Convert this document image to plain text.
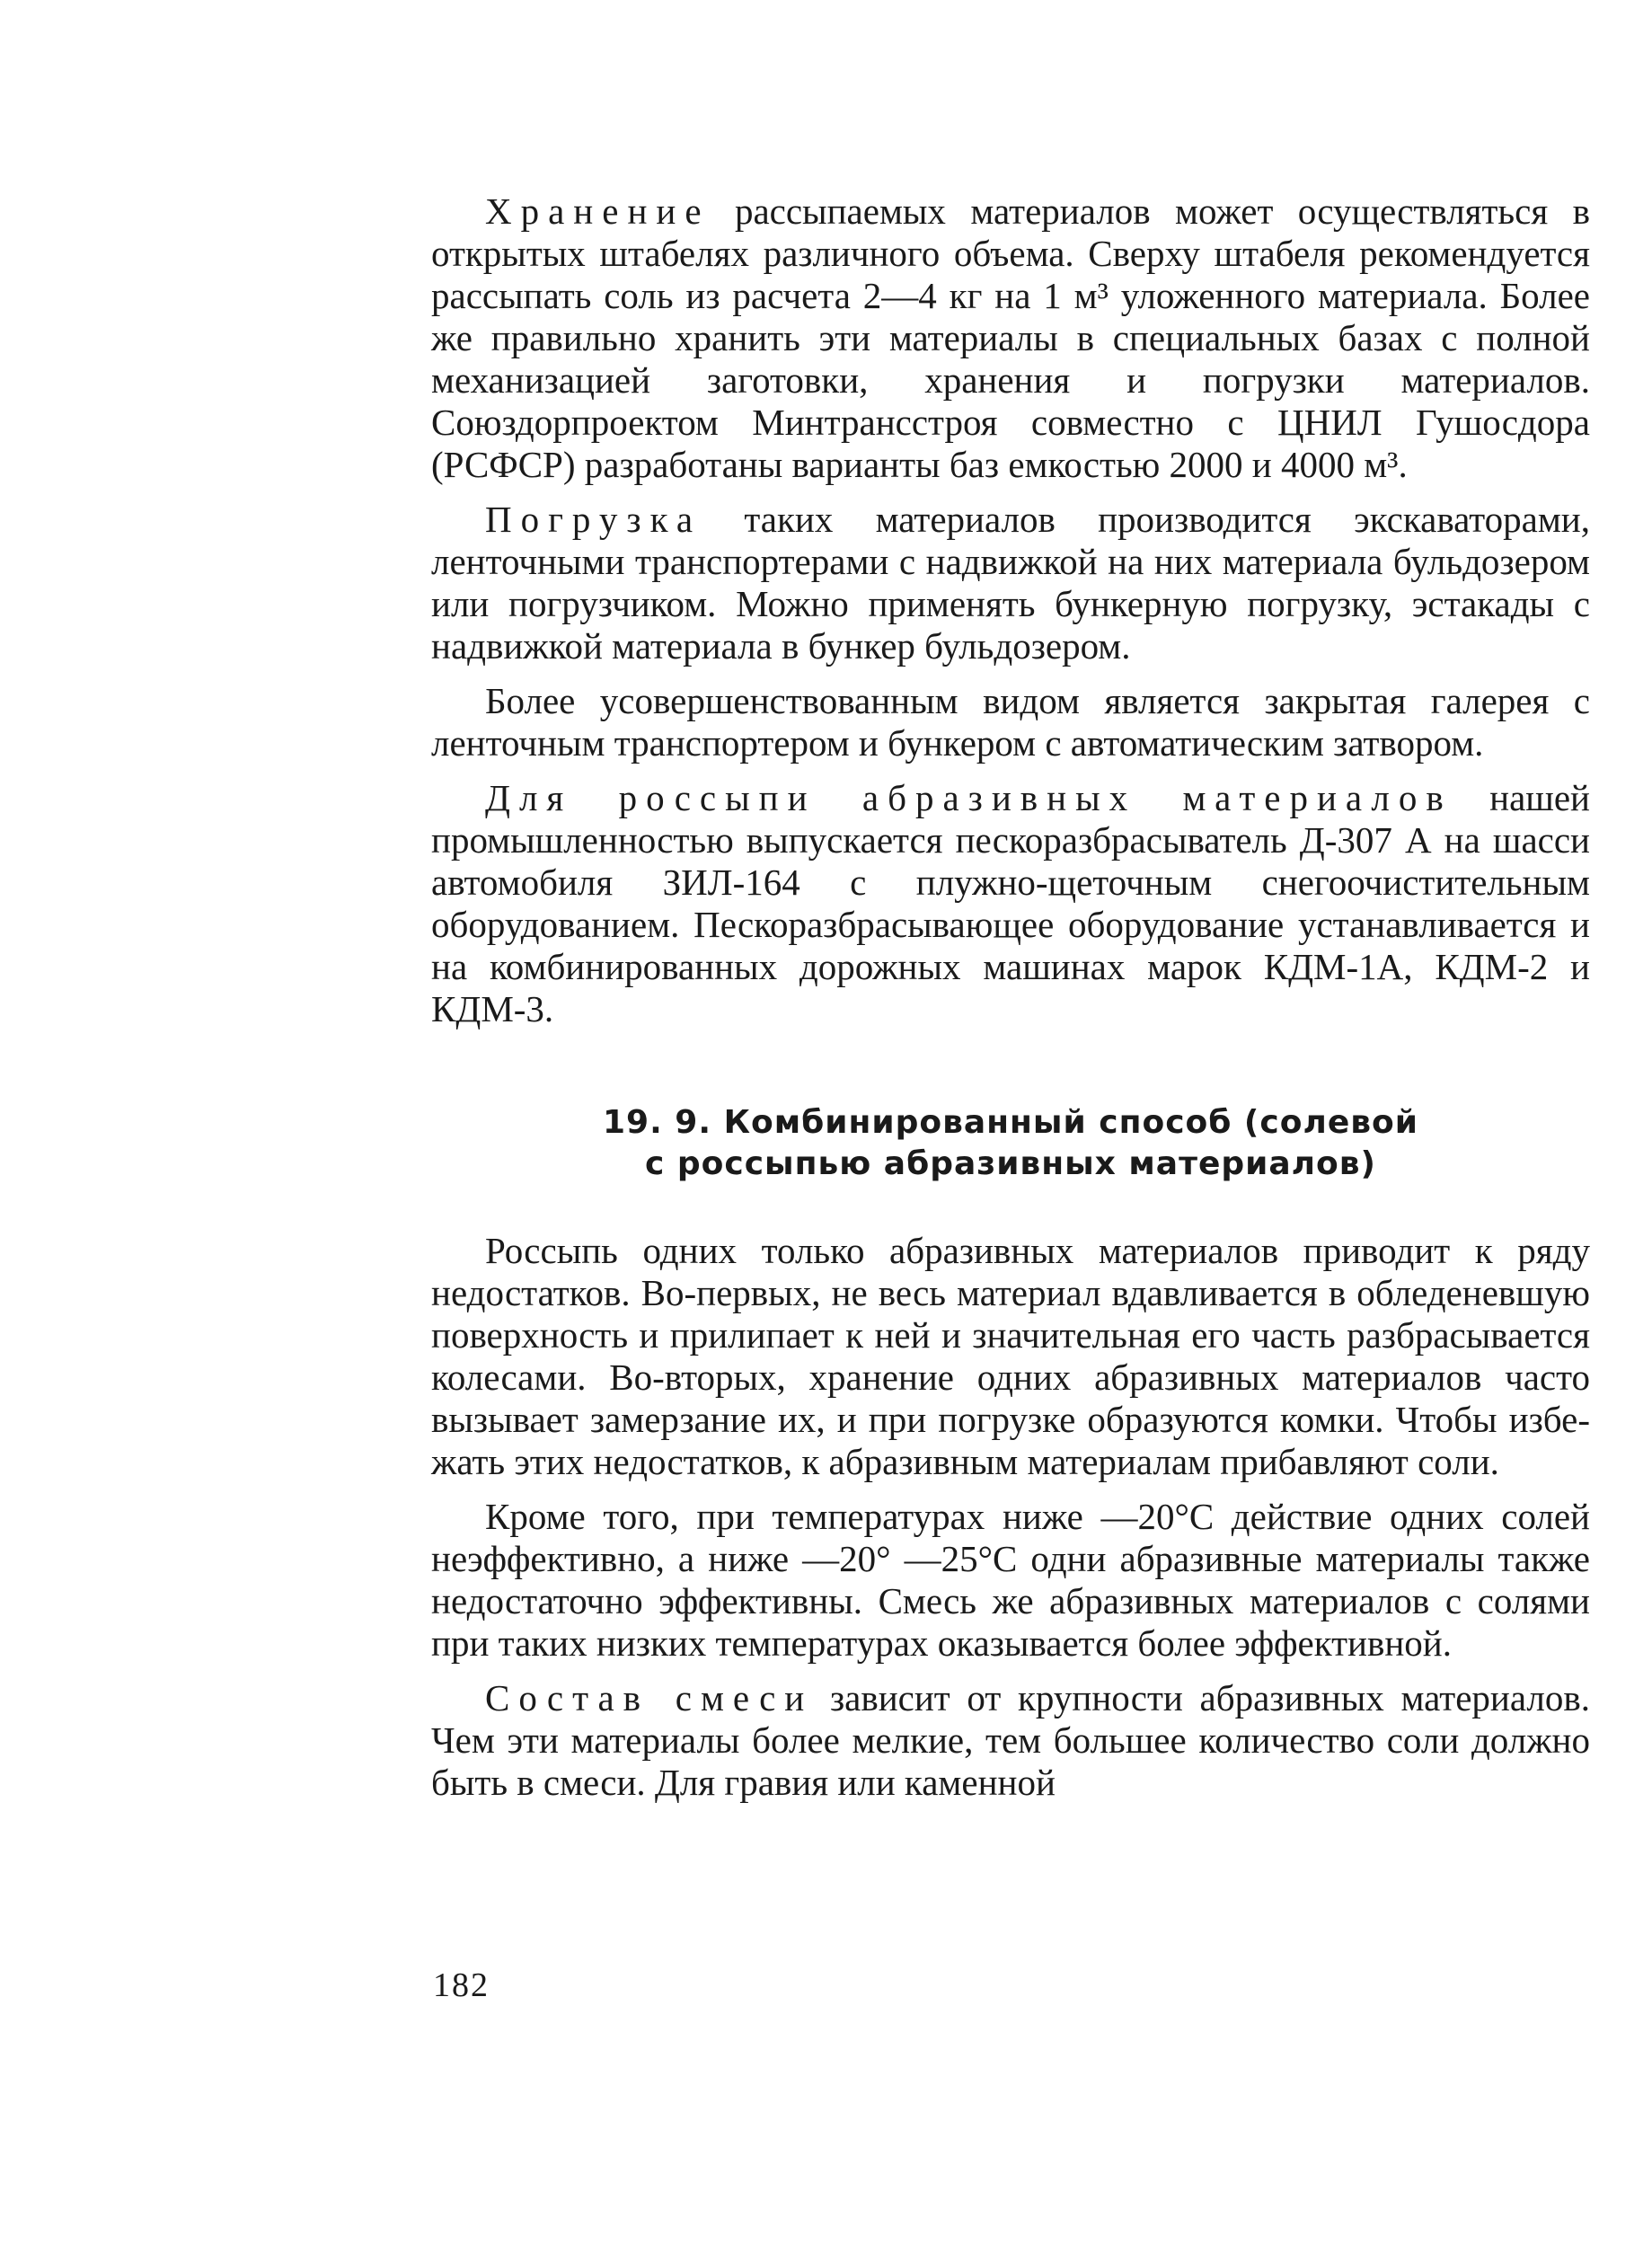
Хранение рассыпаемых материалов может осуществляться в открытых штабелях различного объема. Сверху штабеля рекомендуется рассыпать соль из расчета 2—4 кг на 1 м³ уложенного материала. Более же правильно хранить эти материалы в специальных базах с полной механизацией заготовки, хранения и погрузки материалов. Союздорпроектом Минтрансстроя совместно с ЦНИЛ Гушосдора (РСФСР) разработаны варианты баз емкостью 2000 и 4000 м³.

Погрузка таких материалов производится экскаваторами, ленточными транспортерами с надвижкой на них материала бульдозером или погрузчиком. Можно применять бункерную погрузку, эстакады с надвижкой материала в бункер бульдозером.

Более усовершенствованным видом является закрытая галерея с ленточным транспортером и бункером с автоматическим затвором.

Для россыпи абразивных материалов нашей промышленностью выпускается пескоразбрасыватель Д-307 А на шасси автомобиля ЗИЛ-164 с плужно-щеточным снегоочистительным оборудованием. Пескоразбрасывающее оборудование устанавливается и на комбинированных дорожных машинах марок КДМ-1А, КДМ-2 и КДМ-3.

19. 9. Комбинированный способ (солевой
с россыпью абразивных материалов)

Россыпь одних только абразивных материалов приводит к ряду недостатков. Во-первых, не весь материал вдавливается в обледеневшую поверхность и прилипает к ней и значительная его часть разбрасывается колесами. Во-вторых, хранение одних абразивных материалов часто вызывает замерзание их, и при погрузке образуются комки. Чтобы избежать этих недостатков, к абразивным материалам прибавляют соли.

Кроме того, при температурах ниже —20°С действие одних солей неэффективно, а ниже —20° —25°С одни абразивные материалы также недостаточно эффективны. Смесь же абразивных материалов с солями при таких низких температурах оказывается более эффективной.

Состав смеси зависит от крупности абразивных материалов. Чем эти материалы более мелкие, тем большее количество соли должно быть в смеси. Для гравия или каменной

182
